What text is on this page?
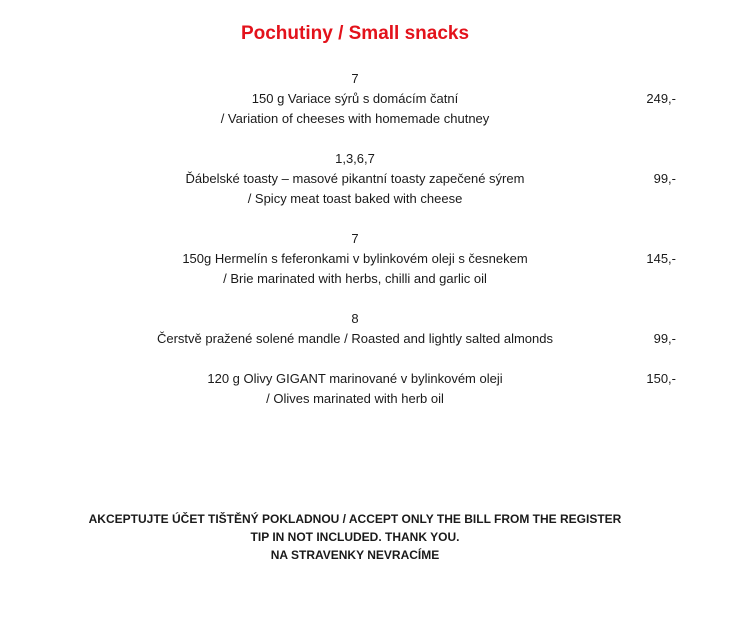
Pochutiny / Small snacks
7
150 g Variace sýrů s domácím čatní	249,-
/ Variation of cheeses with homemade chutney
1,3,6,7
Ďábelské toasty – masové pikantní toasty zapečené sýrem	99,-
/ Spicy meat toast baked with cheese
7
150g Hermelín s feferonkami v bylinkovém oleji s česnekem	145,-
/ Brie marinated with herbs, chilli and garlic oil
8
Čerstvě pražené solené mandle / Roasted and lightly salted almonds	99,-
120 g Olivy GIGANT marinované v bylinkovém oleji	150,-
/ Olives marinated with herb oil
AKCEPTUJTE ÚČET TIŠTĚNÝ POKLADNOU / ACCEPT ONLY THE BILL FROM THE REGISTER
TIP IN NOT INCLUDED. THANK YOU.
NA STRAVENKY NEVRACÍME
